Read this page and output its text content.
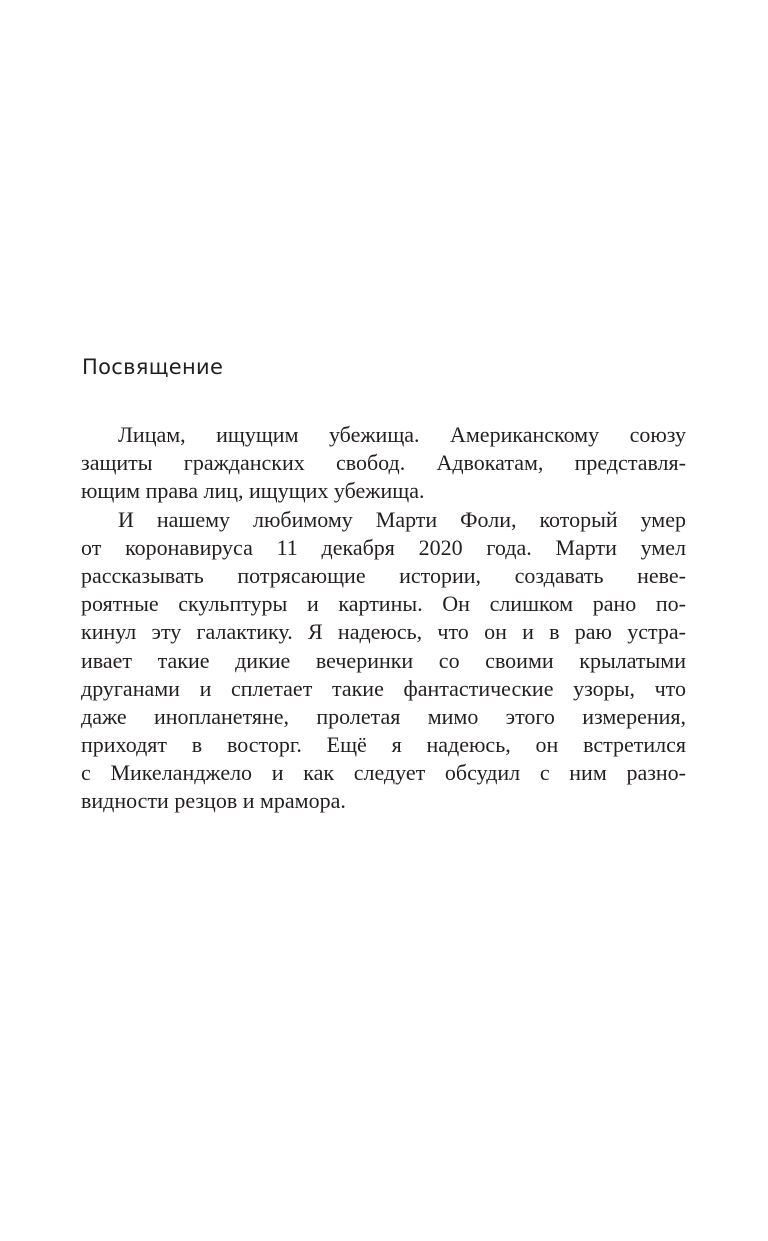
Посвящение
Лицам, ищущим убежища. Американскому союзу
защиты гражданских свобод. Адвокатам, представля-
ющим права лиц, ищущих убежища.
И нашему любимому Марти Фоли, который умер
от коронавируса 11 декабря 2020 года. Марти умел
рассказывать потрясающие истории, создавать неве-
роятные скульптуры и картины. Он слишком рано по-
кинул эту галактику. Я надеюсь, что он и в раю устра-
ивает такие дикие вечеринки со своими крылатыми
друганами и сплетает такие фантастические узоры, что
даже инопланетяне, пролетая мимо этого измерения,
приходят в восторг. Ещё я надеюсь, он встретился
с Микеланджело и как следует обсудил с ним разно-
видности резцов и мрамора.
